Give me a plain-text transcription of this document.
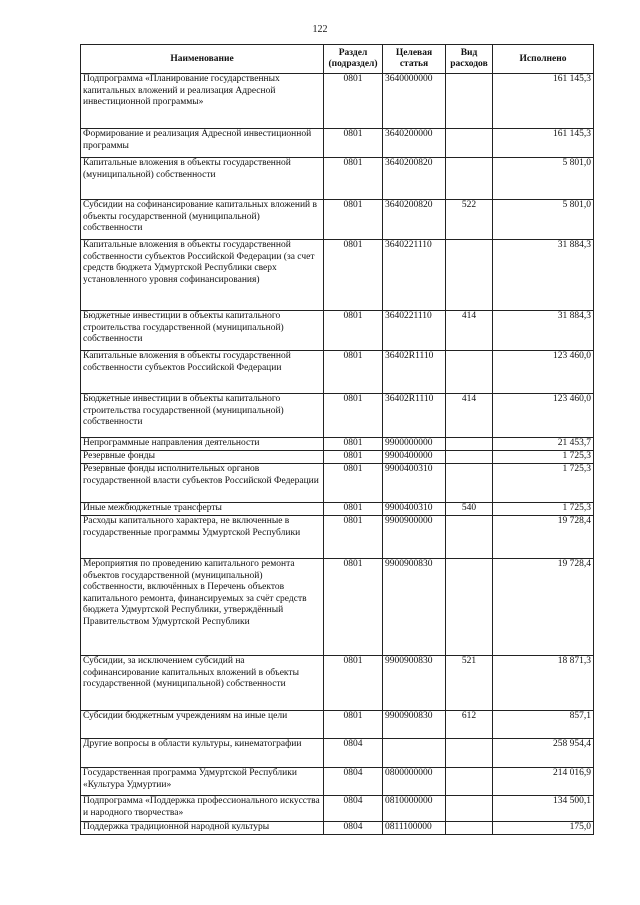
122
Наименование	Раздел (подраздел)	Целевая статья	Вид расходов	Исполнено
Подпрограмма «Планирование государственных капитальных вложений и реализация Адресной инвестиционной программы»	0801	3640000000		161 145,3
Формирование и реализация Адресной инвестиционной программы	0801	3640200000		161 145,3
Капитальные вложения в объекты государственной (муниципальной) собственности	0801	3640200820		5 801,0
Субсидии на софинансирование капитальных вложений в объекты государственной (муниципальной) собственности	0801	3640200820	522	5 801,0
Капитальные вложения в объекты государственной собственности субъектов Российской Федерации (за счет средств бюджета Удмуртской Республики сверх установленного уровня софинансирования)	0801	3640221110		31 884,3
Бюджетные инвестиции в объекты капитального строительства государственной (муниципальной) собственности	0801	3640221110	414	31 884,3
Капитальные вложения в объекты государственной собственности субъектов Российской Федерации	0801	36402R1110		123 460,0
Бюджетные инвестиции в объекты капитального строительства государственной (муниципальной) собственности	0801	36402R1110	414	123 460,0
Непрограммные направления деятельности	0801	9900000000		21 453,7
Резервные фонды	0801	9900400000		1 725,3
Резервные фонды исполнительных органов государственной власти субъектов Российской Федерации	0801	9900400310		1 725,3
Иные межбюджетные трансферты	0801	9900400310	540	1 725,3
Расходы капитального характера, не включенные в государственные программы Удмуртской Республики	0801	9900900000		19 728,4
Мероприятия по проведению капитального ремонта объектов государственной (муниципальной) собственности, включённых в Перечень объектов капитального ремонта, финансируемых за счёт средств бюджета Удмуртской Республики, утверждённый Правительством Удмуртской Республики	0801	9900900830		19 728,4
Субсидии, за исключением субсидий на софинансирование капитальных вложений в объекты государственной (муниципальной) собственности	0801	9900900830	521	18 871,3
Субсидии бюджетным учреждениям на иные цели	0801	9900900830	612	857,1
Другие вопросы в области культуры, кинематографии	0804			258 954,4
Государственная программа Удмуртской Республики «Культура Удмуртии»	0804	0800000000		214 016,9
Подпрограмма «Поддержка профессионального искусства и народного творчества»	0804	0810000000		134 500,1
Поддержка традиционной народной культуры	0804	0811100000		175,0
